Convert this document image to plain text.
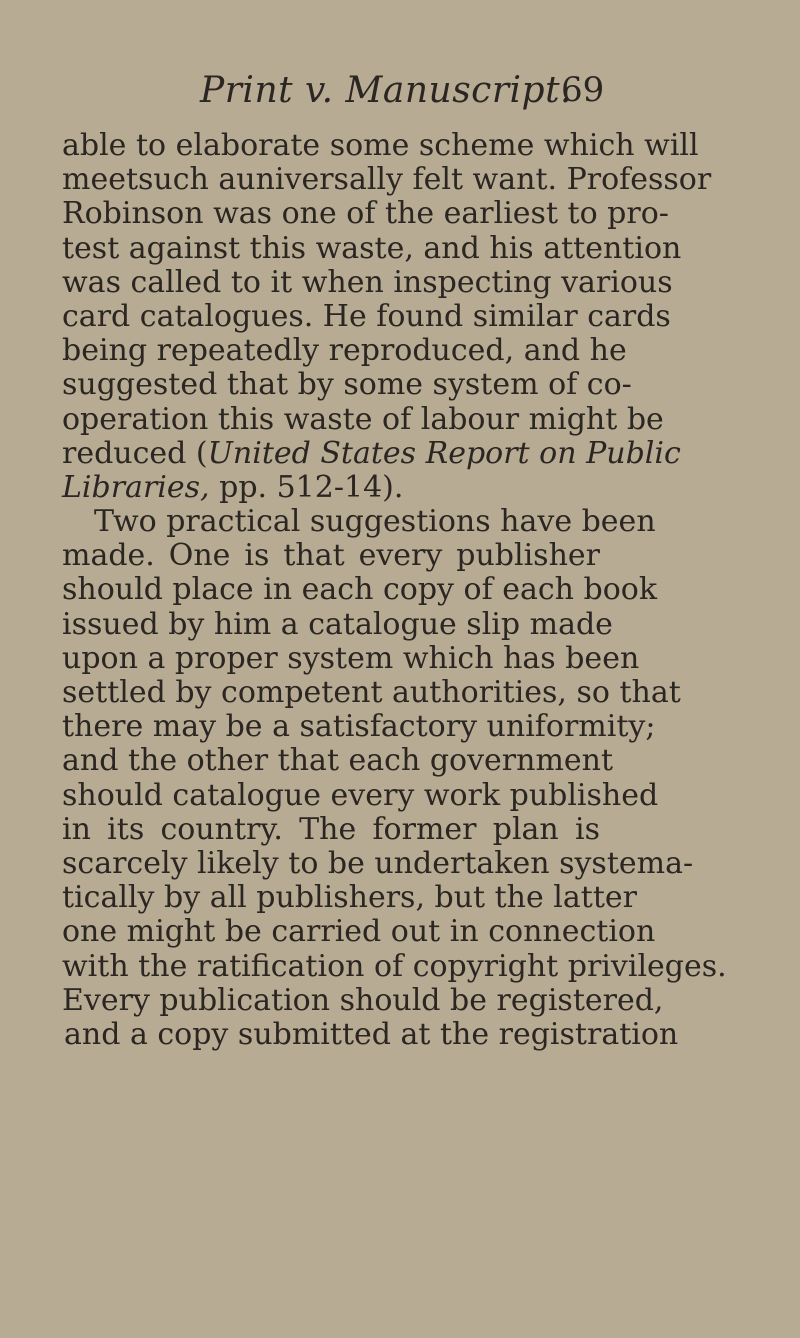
Print v. Manuscript.
69
able to elaborate some scheme which will
meetsuch auniversally felt want. Professor
Robinson was one of the earliest to pro-
test against this waste, and his attention
was called to it when inspecting various
card catalogues. He found similar cards
being repeatedly reproduced, and he
suggested that by some system of co-
operation this waste of labour might be
reduced (United States Report on Public
Libraries, pp. 512-14).
Two practical suggestions have been
made. One is that every publisher
should place in each copy of each book
issued by him a catalogue slip made
upon a proper system which has been
settled by competent authorities, so that
there may be a satisfactory uniformity;
and the other that each government
should catalogue every work published
in its country. The former plan is
scarcely likely to be undertaken systema-
tically by all publishers, but the latter
one might be carried out in connection
with the ratification of copyright privileges.
Every publication should be registered,
and a copy submitted at the registration
